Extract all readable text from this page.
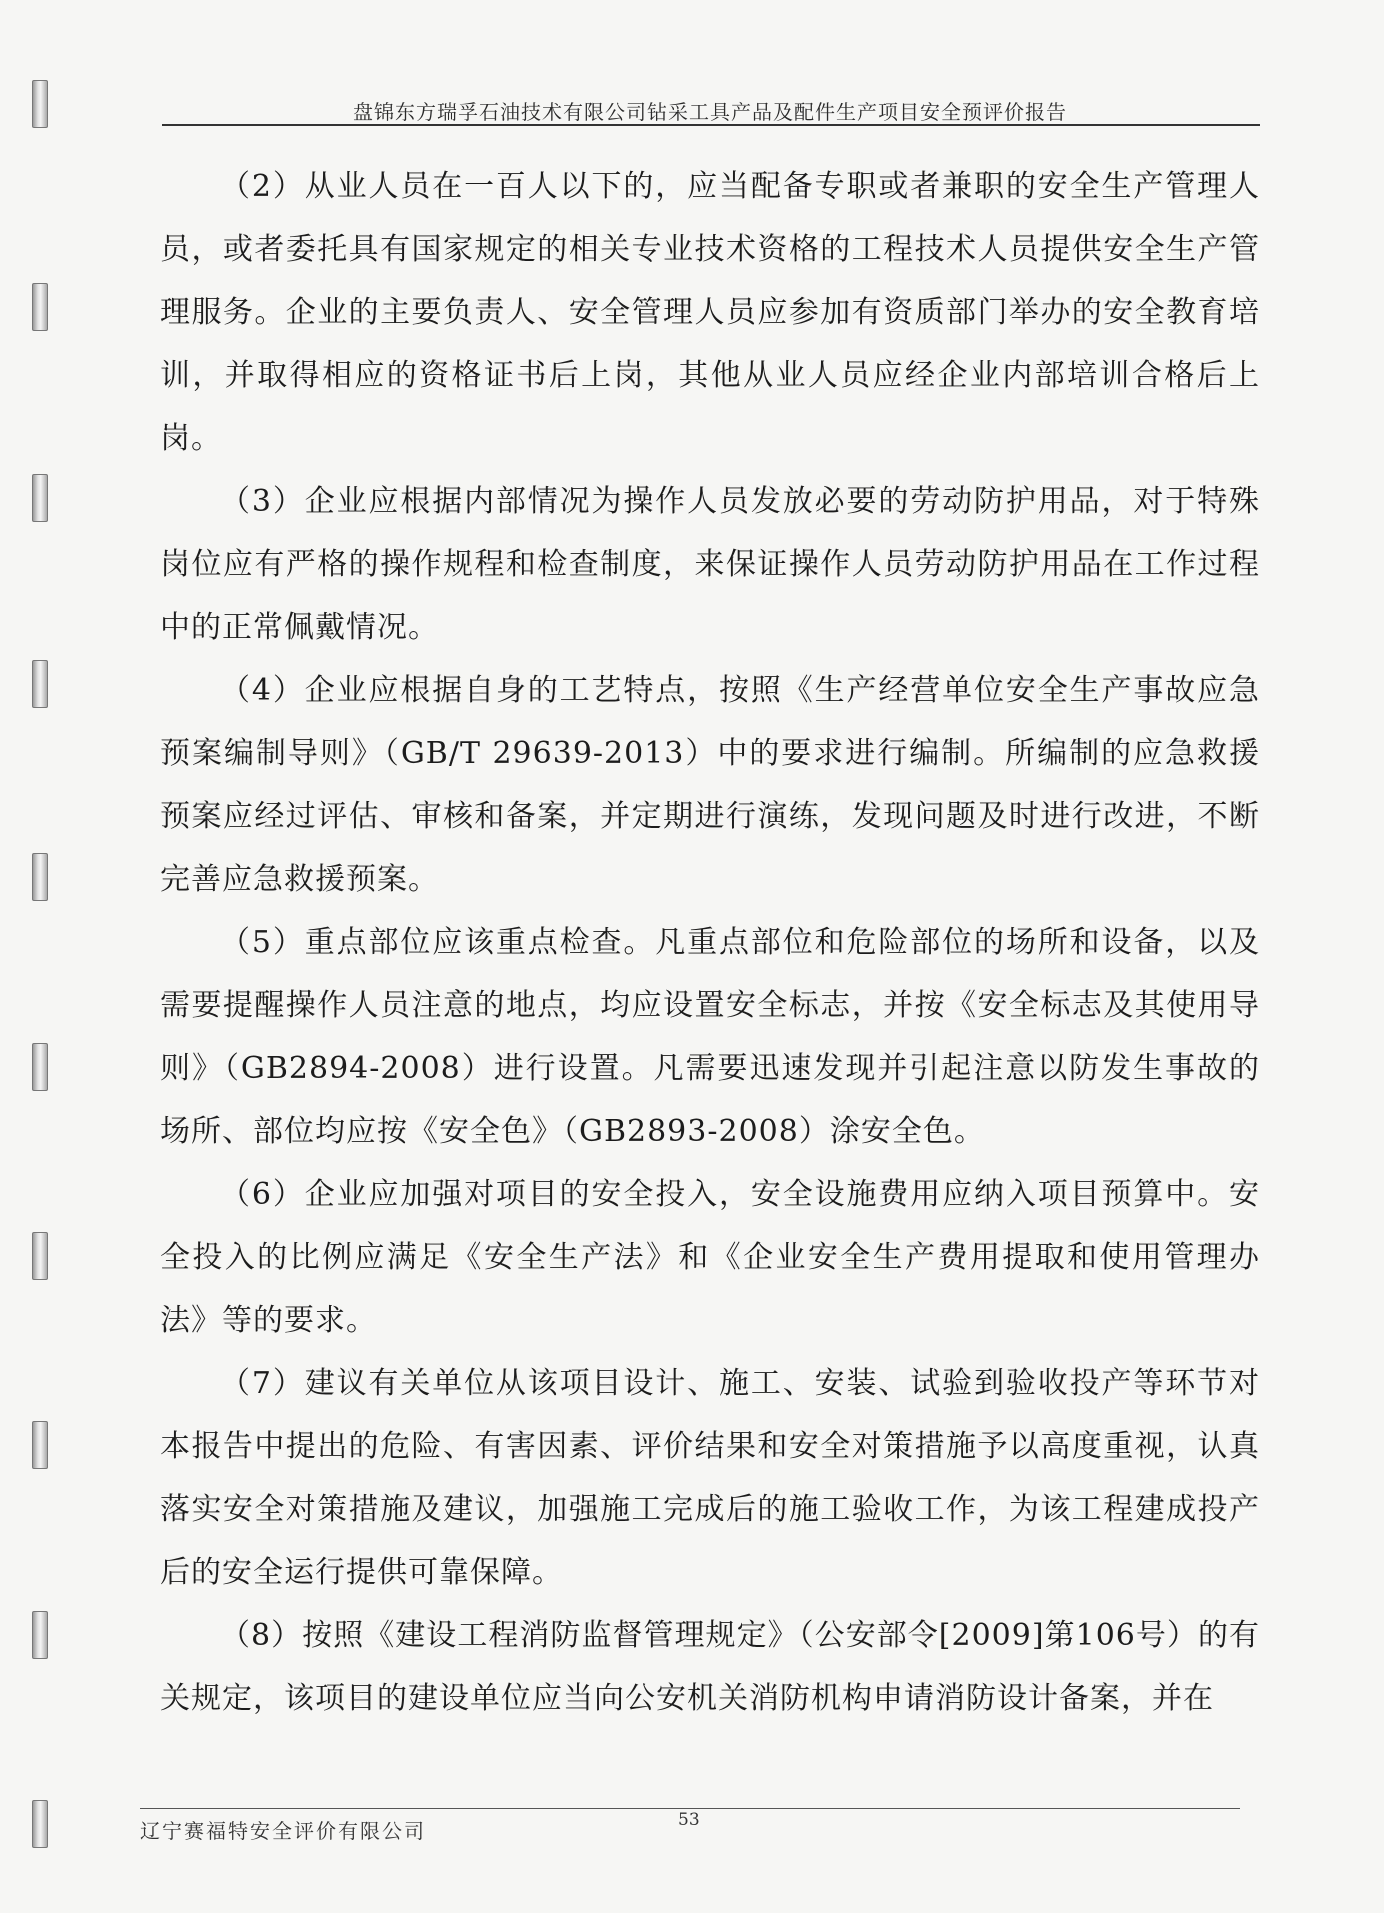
盘锦东方瑞孚石油技术有限公司钻采工具产品及配件生产项目安全预评价报告

（2）从业人员在一百人以下的，应当配备专职或者兼职的安全生产管理人员，或者委托具有国家规定的相关专业技术资格的工程技术人员提供安全生产管理服务。企业的主要负责人、安全管理人员应参加有资质部门举办的安全教育培训，并取得相应的资格证书后上岗，其他从业人员应经企业内部培训合格后上岗。

（3）企业应根据内部情况为操作人员发放必要的劳动防护用品，对于特殊岗位应有严格的操作规程和检查制度，来保证操作人员劳动防护用品在工作过程中的正常佩戴情况。

（4）企业应根据自身的工艺特点，按照《生产经营单位安全生产事故应急预案编制导则》（GB/T 29639-2013）中的要求进行编制。所编制的应急救援预案应经过评估、审核和备案，并定期进行演练，发现问题及时进行改进，不断完善应急救援预案。

（5）重点部位应该重点检查。凡重点部位和危险部位的场所和设备，以及需要提醒操作人员注意的地点，均应设置安全标志，并按《安全标志及其使用导则》（GB2894-2008）进行设置。凡需要迅速发现并引起注意以防发生事故的场所、部位均应按《安全色》（GB2893-2008）涂安全色。

（6）企业应加强对项目的安全投入，安全设施费用应纳入项目预算中。安全投入的比例应满足《安全生产法》和《企业安全生产费用提取和使用管理办法》等的要求。

（7）建议有关单位从该项目设计、施工、安装、试验到验收投产等环节对本报告中提出的危险、有害因素、评价结果和安全对策措施予以高度重视，认真落实安全对策措施及建议，加强施工完成后的施工验收工作，为该工程建成投产后的安全运行提供可靠保障。

（8）按照《建设工程消防监督管理规定》（公安部令[2009]第106号）的有关规定，该项目的建设单位应当向公安机关消防机构申请消防设计备案，并在

辽宁赛福特安全评价有限公司	53
